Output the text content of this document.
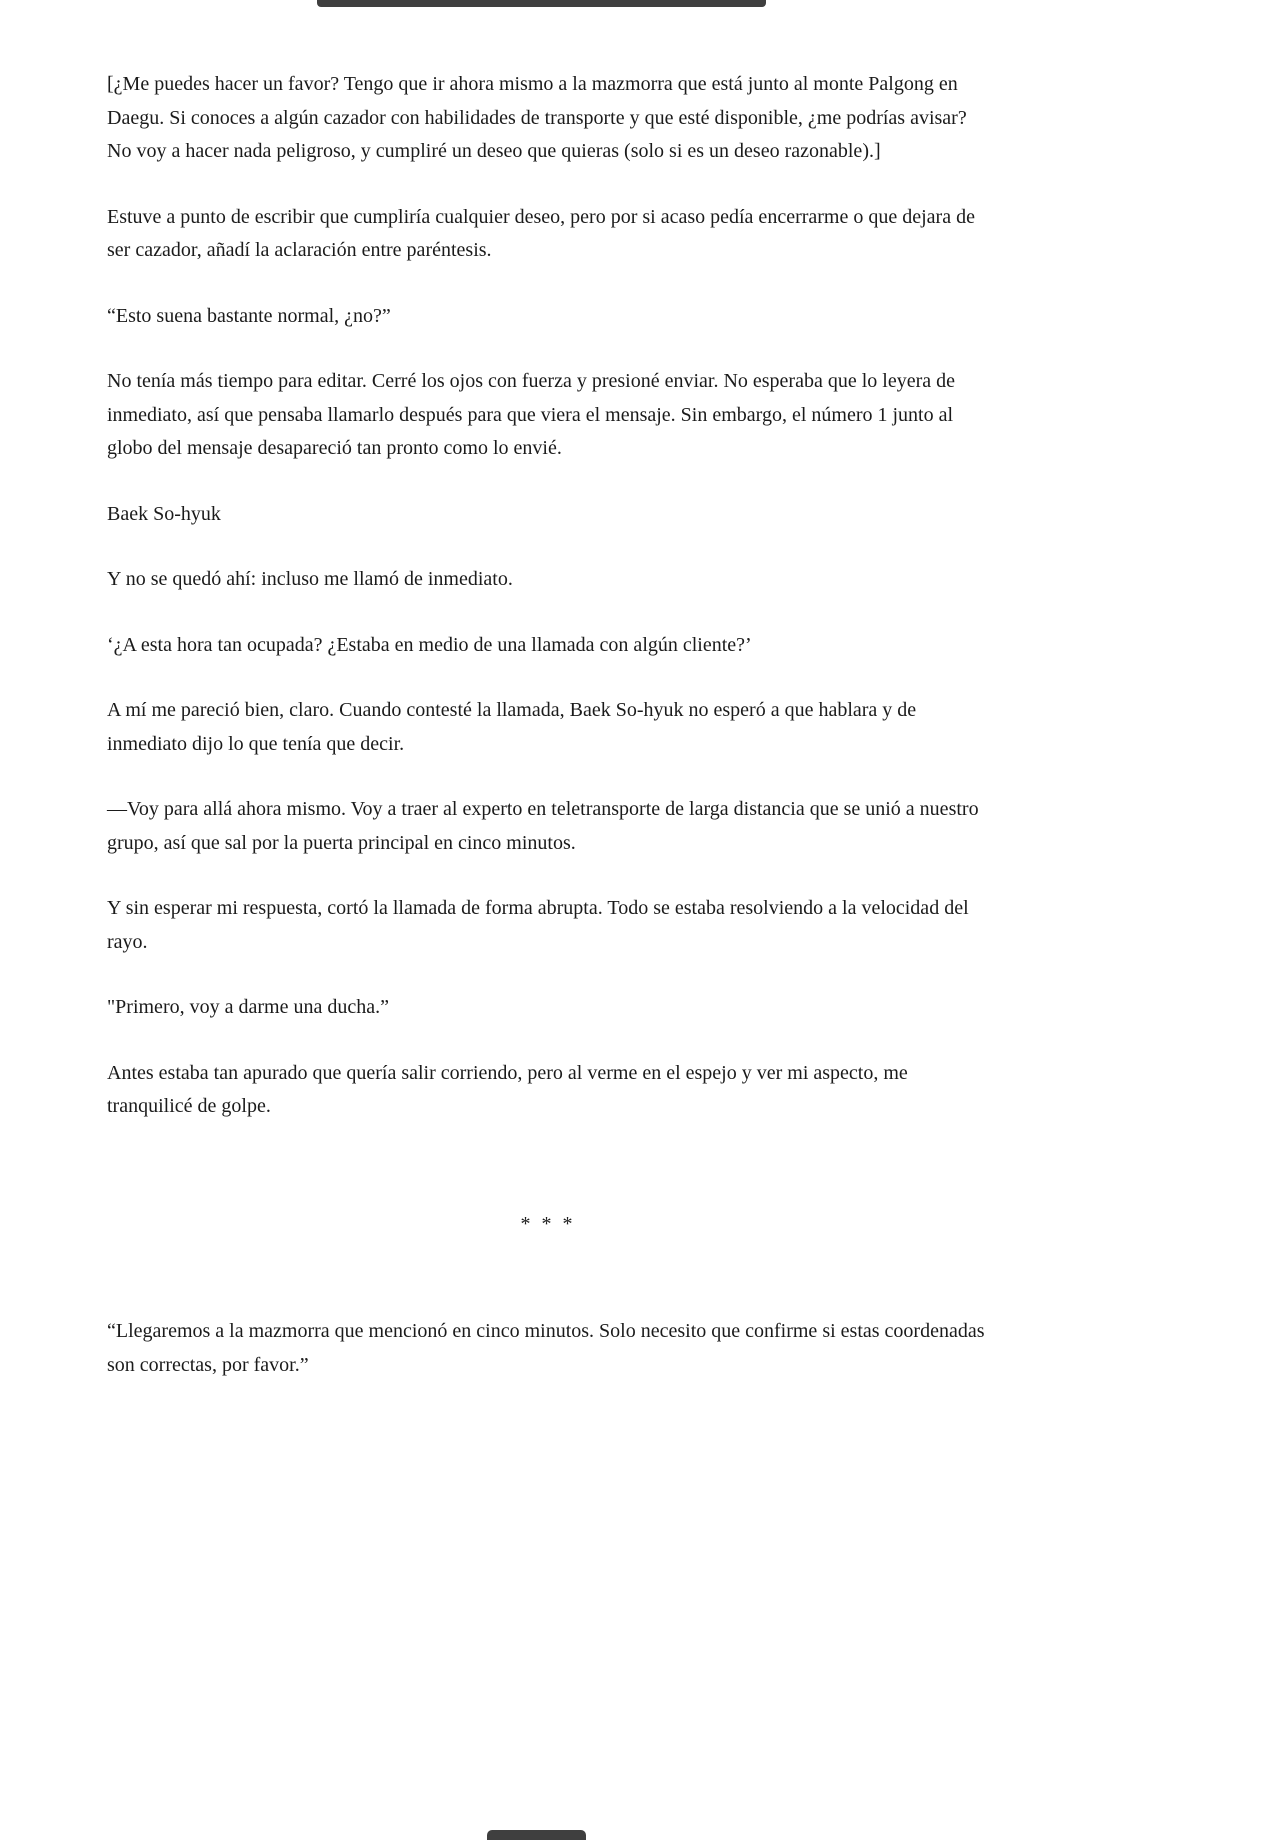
[¿Me puedes hacer un favor? Tengo que ir ahora mismo a la mazmorra que está junto al monte Palgong en Daegu. Si conoces a algún cazador con habilidades de transporte y que esté disponible, ¿me podrías avisar? No voy a hacer nada peligroso, y cumpliré un deseo que quieras (solo si es un deseo razonable).]

Estuve a punto de escribir que cumpliría cualquier deseo, pero por si acaso pedía encerrarme o que dejara de ser cazador, añadí la aclaración entre paréntesis.

“Esto suena bastante normal, ¿no?”

No tenía más tiempo para editar. Cerré los ojos con fuerza y presioné enviar. No esperaba que lo leyera de inmediato, así que pensaba llamarlo después para que viera el mensaje. Sin embargo, el número 1 junto al globo del mensaje desapareció tan pronto como lo envié.

Baek So-hyuk

Y no se quedó ahí: incluso me llamó de inmediato.

‘¿A esta hora tan ocupada? ¿Estaba en medio de una llamada con algún cliente?’

A mí me pareció bien, claro. Cuando contesté la llamada, Baek So-hyuk no esperó a que hablara y de inmediato dijo lo que tenía que decir.

—Voy para allá ahora mismo. Voy a traer al experto en teletransporte de larga distancia que se unió a nuestro grupo, así que sal por la puerta principal en cinco minutos.

Y sin esperar mi respuesta, cortó la llamada de forma abrupta. Todo se estaba resolviendo a la velocidad del rayo.

"Primero, voy a darme una ducha.”

Antes estaba tan apurado que quería salir corriendo, pero al verme en el espejo y ver mi aspecto, me tranquilicé de golpe.

* * *

“Llegaremos a la mazmorra que mencionó en cinco minutos. Solo necesito que confirme si estas coordenadas son correctas, por favor.”
